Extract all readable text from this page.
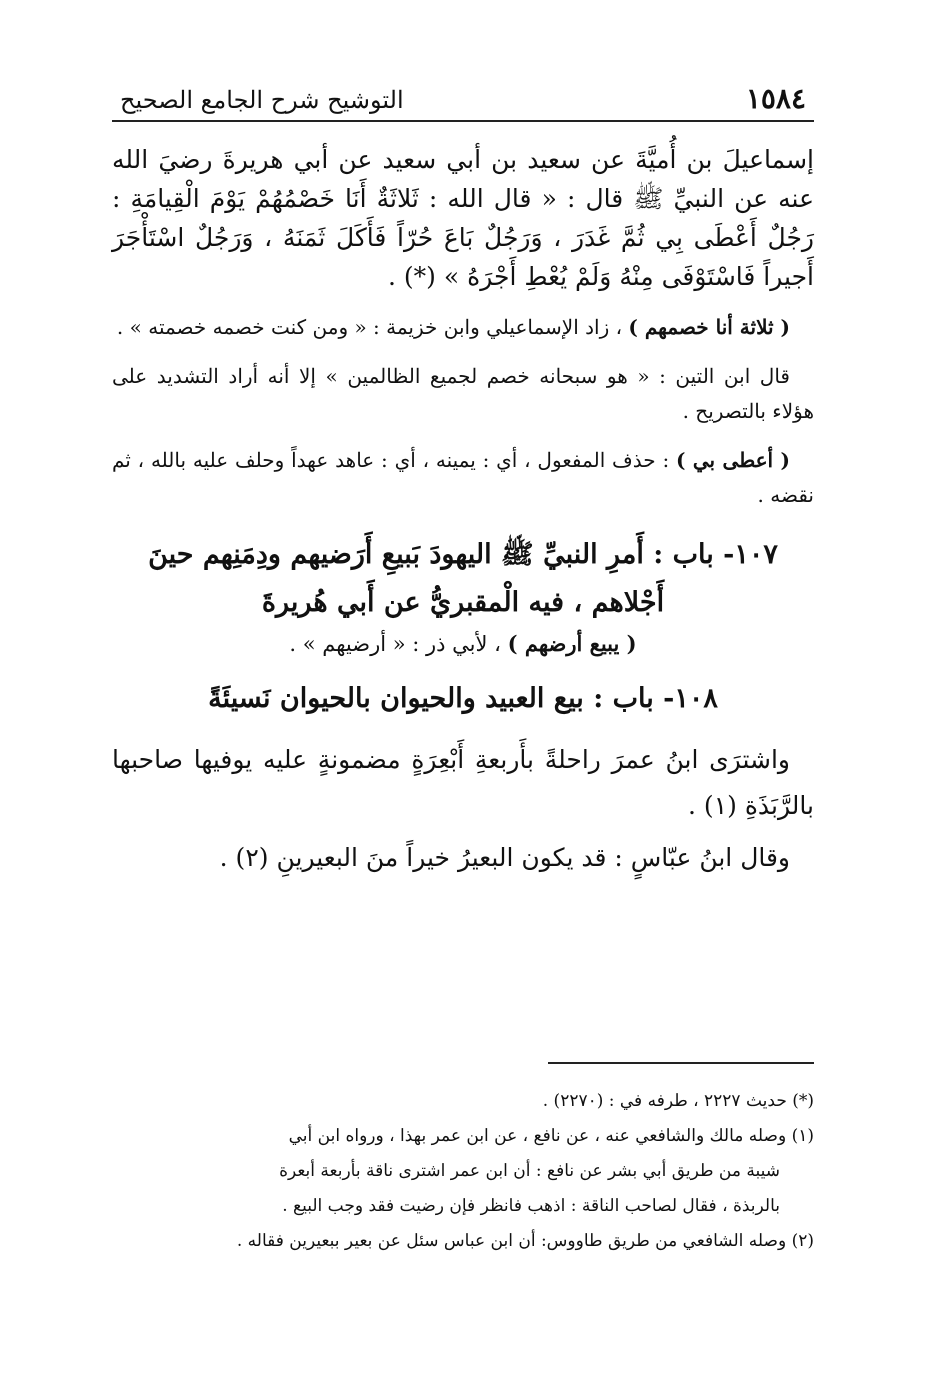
١٥٨٤
التوشيح شرح الجامع الصحيح

إسماعيلَ بن أُميَّةَ عن سعيد بن أبي سعيد عن أبي هريرةَ رضيَ الله عنه عن النبيِّ ﷺ قال : « قال الله : ثَلاثَةٌ أَنَا خَصْمُهُمْ يَوْمَ الْقِيامَةِ : رَجُلٌ أَعْطَى بِي ثُمَّ غَدَرَ ، وَرَجُلٌ بَاعَ حُرّاً فَأَكَلَ ثَمَنَهُ ، وَرَجُلٌ اسْتَأْجَرَ أَجيراً فَاسْتَوْفَى مِنْهُ وَلَمْ يُعْطِ أَجْرَهُ » (*) .

( ثلاثة أنا خصمهم ) ، زاد الإسماعيلي وابن خزيمة : « ومن كنت خصمه خصمته » .

قال ابن التين : « هو سبحانه خصم لجميع الظالمين » إلا أنه أراد التشديد على هؤلاء بالتصريح .

( أعطى بي ) : حذف المفعول ، أي : يمينه ، أي : عاهد عهداً وحلف عليه بالله ، ثم نقضه .

١٠٧- باب : أَمرِ النبيِّ ﷺ اليهودَ بَبيعِ أَرَضيهم ودِمَنِهم حينَ

أَجْلاهم ، فيه الْمقبريُّ عن أَبي هُريرةَ

( يبيع أرضهم ) ، لأبي ذر : « أرضيهم » .

١٠٨- باب : بيع العبيد والحيوان بالحيوان نَسيئَةً

واشترَى ابنُ عمرَ راحلةً بأَربعةِ أَبْعِرَةٍ مضمونةٍ عليه يوفيها صاحبها بالرَّبَذَةِ (١) .

وقال ابنُ عبّاسٍ : قد يكون البعيرُ خيراً منَ البعيرينِ (٢) .

(*) حديث ٢٢٢٧ ، طرفه في : (٢٢٧٠) .

(١) وصله مالك والشافعي عنه ، عن نافع ، عن ابن عمر بهذا ، ورواه ابن أبي

شيبة من طريق أبي بشر عن نافع : أن ابن عمر اشترى ناقة بأربعة أبعرة

بالربذة ، فقال لصاحب الناقة : اذهب فانظر فإن رضيت فقد وجب البيع .

(٢) وصله الشافعي من طريق طاووس: أن ابن عباس سئل عن بعير ببعيرين فقاله .
